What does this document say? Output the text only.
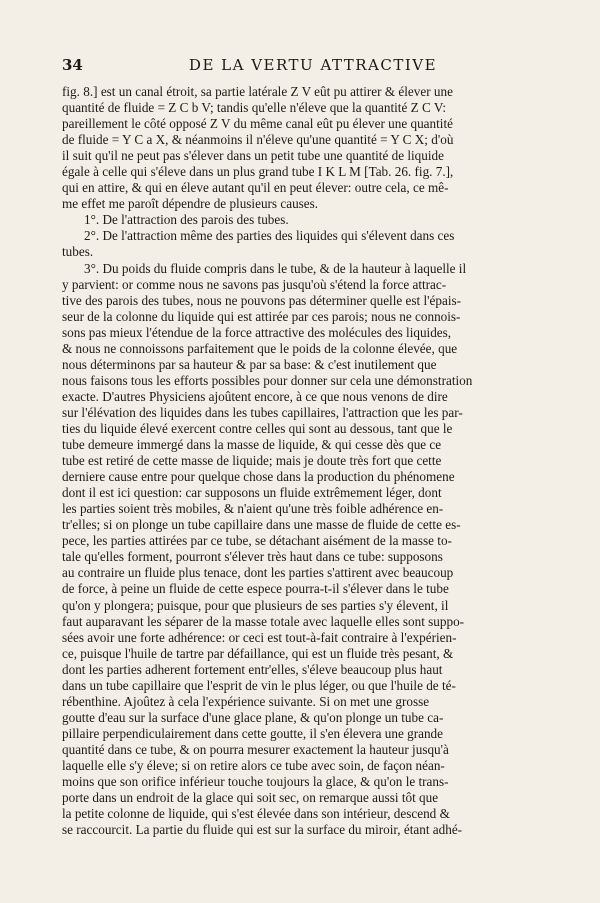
34	DE LA VERTU ATTRACTIVE
fig. 8.] est un canal étroit, sa partie latérale Z V eût pu attirer & élever une
quantité de fluide = Z C b V; tandis qu'elle n'éleve que la quantité Z C V:
pareillement le côté opposé Z V du même canal eût pu élever une quantité
de fluide = Y C a X, & néanmoins il n'éleve qu'une quantité = Y C X; d'où
il suit qu'il ne peut pas s'élever dans un petit tube une quantité de liquide
égale à celle qui s'éleve dans un plus grand tube I K L M [Tab. 26. fig. 7.],
qui en attire, & qui en éleve autant qu'il en peut élever: outre cela, ce mê-
me effet me paroît dépendre de plusieurs causes.
1°. De l'attraction des parois des tubes.
2°. De l'attraction même des parties des liquides qui s'élevent dans ces
tubes.
3°. Du poids du fluide compris dans le tube, & de la hauteur à laquelle il
y parvient: or comme nous ne savons pas jusqu'où s'étend la force attrac-
tive des parois des tubes, nous ne pouvons pas déterminer quelle est l'épais-
seur de la colonne du liquide qui est attirée par ces parois; nous ne connois-
sons pas mieux l'étendue de la force attractive des molécules des liquides,
& nous ne connoissons parfaitement que le poids de la colonne élevée, que
nous déterminons par sa hauteur & par sa base: & c'est inutilement que
nous faisons tous les efforts possibles pour donner sur cela une démonstration
exacte. D'autres Physiciens ajoûtent encore, à ce que nous venons de dire
sur l'élévation des liquides dans les tubes capillaires, l'attraction que les par-
ties du liquide élevé exercent contre celles qui sont au dessous, tant que le
tube demeure immergé dans la masse de liquide, & qui cesse dès que ce
tube est retiré de cette masse de liquide; mais je doute très fort que cette
derniere cause entre pour quelque chose dans la production du phénomene
dont il est ici question: car supposons un fluide extrêmement léger, dont
les parties soient très mobiles, & n'aient qu'une très foible adhérence en-
tr'elles; si on plonge un tube capillaire dans une masse de fluide de cette es-
pece, les parties attirées par ce tube, se détachant aisément de la masse to-
tale qu'elles forment, pourront s'élever très haut dans ce tube: supposons
au contraire un fluide plus tenace, dont les parties s'attirent avec beaucoup
de force, à peine un fluide de cette espece pourra-t-il s'élever dans le tube
qu'on y plongera; puisque, pour que plusieurs de ses parties s'y élevent, il
faut auparavant les séparer de la masse totale avec laquelle elles sont suppo-
sées avoir une forte adhérence: or ceci est tout-à-fait contraire à l'expérien-
ce, puisque l'huile de tartre par défaillance, qui est un fluide très pesant, &
dont les parties adherent fortement entr'elles, s'éleve beaucoup plus haut
dans un tube capillaire que l'esprit de vin le plus léger, ou que l'huile de té-
rébenthine. Ajoûtez à cela l'expérience suivante. Si on met une grosse
goutte d'eau sur la surface d'une glace plane, & qu'on plonge un tube ca-
pillaire perpendiculairement dans cette goutte, il s'en élevera une grande
quantité dans ce tube, & on pourra mesurer exactement la hauteur jusqu'à
laquelle elle s'y éleve; si on retire alors ce tube avec soin, de façon néan-
moins que son orifice inférieur touche toujours la glace, & qu'on le trans-
porte dans un endroit de la glace qui soit sec, on remarque aussi tôt que
la petite colonne de liquide, qui s'est élevée dans son intérieur, descend &
se raccourcit. La partie du fluide qui est sur la surface du miroir, étant adhé-
